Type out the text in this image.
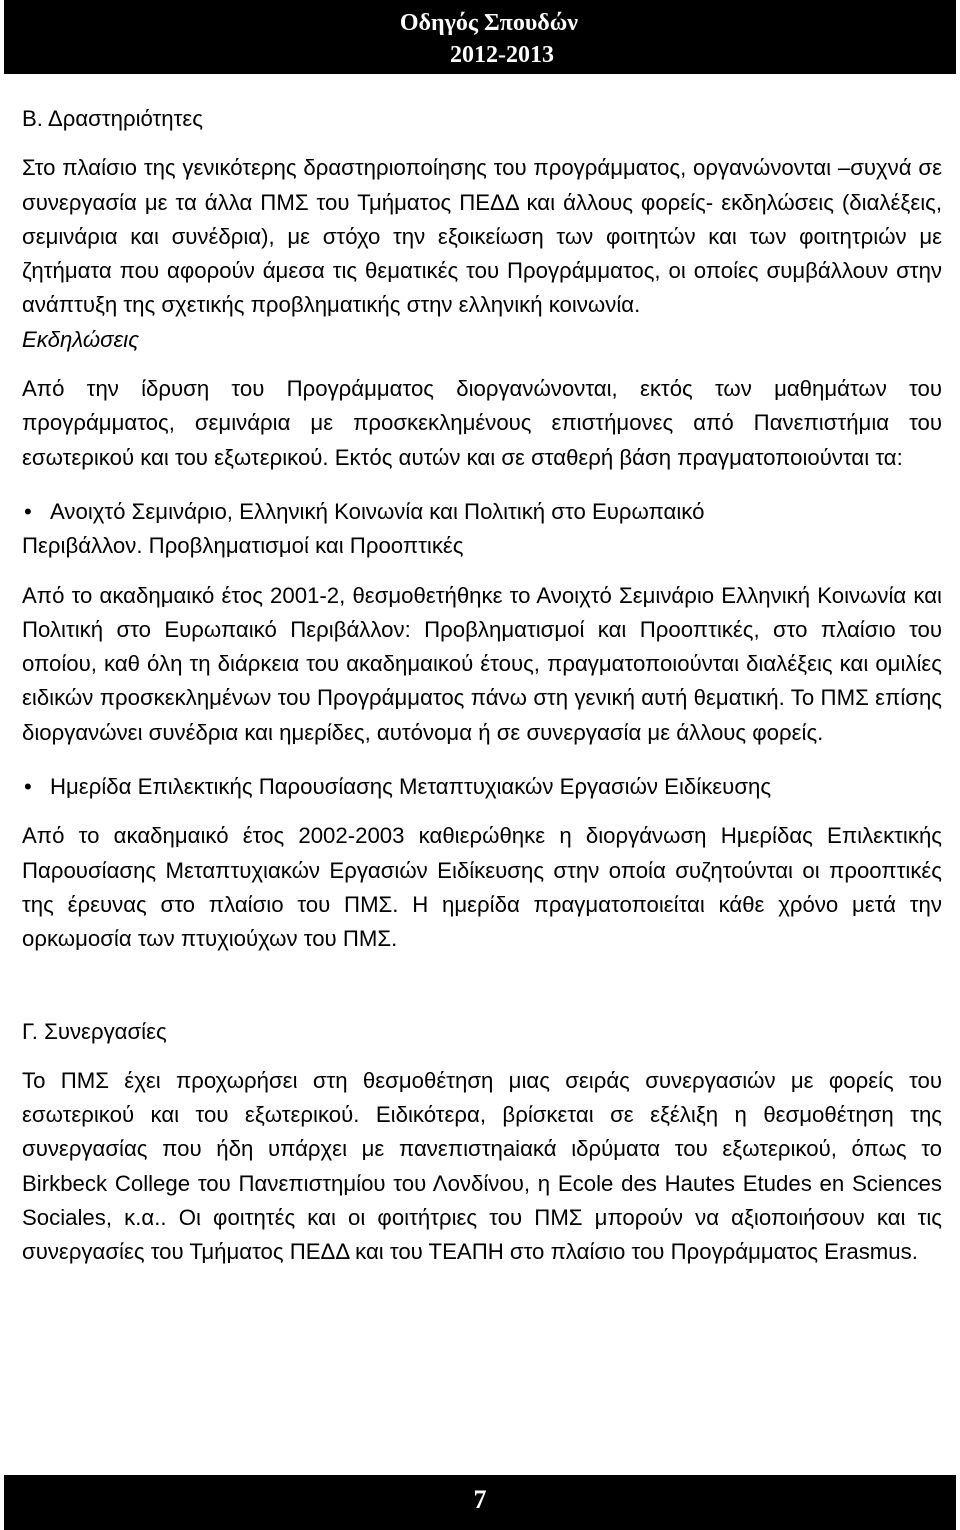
Οδηγός Σπουδών
2012-2013

Β. Δραστηριότητες

Στο πλαίσιο της γενικότερης δραστηριοποίησης του προγράμματος, οργανώνονται –συχνά σε συνεργασία με τα άλλα ΠΜΣ του Τμήματος ΠΕΔΔ και άλλους φορείς- εκδηλώσεις (διαλέξεις, σεμινάρια και συνέδρια), με στόχο την εξοικείωση των φοιτητών και των φοιτητριών με ζητήματα που αφορούν άμεσα τις θεματικές του Προγράμματος, οι οποίες συμβάλλουν στην ανάπτυξη της σχετικής προβληματικής στην ελληνική κοινωνία.

Εκδηλώσεις

Από την ίδρυση του Προγράμματος διοργανώνονται, εκτός των μαθημάτων του προγράμματος, σεμινάρια με προσκεκλημένους επιστήμονες από Πανεπιστήμια του εσωτερικού και του εξωτερικού. Εκτός αυτών και σε σταθερή βάση πραγματοποιούνται τα:

• Ανοιχτό Σεμινάριο, Ελληνική Κοινωνία και Πολιτική στο Ευρωπαικό

Περιβάλλον. Προβληματισμοί και Προοπτικές

Από το ακαδημαικό έτος 2001-2, θεσμοθετήθηκε το Ανοιχτό Σεμινάριο Ελληνική Κοινωνία και Πολιτική στο Ευρωπαικό Περιβάλλον: Προβληματισμοί και Προοπτικές, στο πλαίσιο του οποίου, καθ όλη τη διάρκεια του ακαδημαικού έτους, πραγματοποιούνται διαλέξεις και ομιλίες ειδικών προσκεκλημένων του Προγράμματος πάνω στη γενική αυτή θεματική. Το ΠΜΣ επίσης διοργανώνει συνέδρια και ημερίδες, αυτόνομα ή σε συνεργασία με άλλους φορείς.

• Ημερίδα Επιλεκτικής Παρουσίασης Μεταπτυχιακών Εργασιών Ειδίκευσης

Από το ακαδημαικό έτος 2002-2003 καθιερώθηκε η διοργάνωση Ημερίδας Επιλεκτικής Παρουσίασης Μεταπτυχιακών Εργασιών Ειδίκευσης στην οποία συζητούνται οι προοπτικές της έρευνας στο πλαίσιο του ΠΜΣ. Η ημερίδα πραγματοποιείται κάθε χρόνο μετά την ορκωμοσία των πτυχιούχων του ΠΜΣ.

Γ. Συνεργασίες

Το ΠΜΣ έχει προχωρήσει στη θεσμοθέτηση μιας σειράς συνεργασιών με φορείς του εσωτερικού και του εξωτερικού. Ειδικότερα, βρίσκεται σε εξέλιξη η θεσμοθέτηση της συνεργασίας που ήδη υπάρχει με πανεπιστηaiακά ιδρύματα του εξωτερικού, όπως το Birkbeck College του Πανεπιστημίου του Λονδίνου, η Ecole des Hautes Etudes en Sciences Sociales, κ.α.. Οι φοιτητές και οι φοιτήτριες του ΠΜΣ μπορούν να αξιοποιήσουν και τις συνεργασίες του Τμήματος ΠΕΔΔ και του ΤΕΑΠΗ στο πλαίσιο του Προγράμματος Erasmus.

7
